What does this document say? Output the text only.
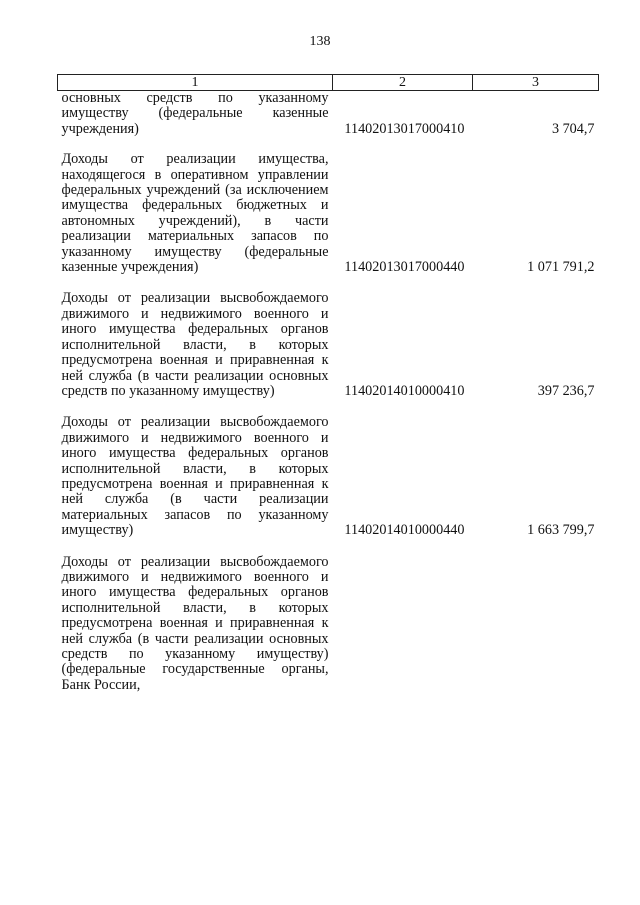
138
1	2	3
основных средств по указанному имуществу (федеральные казенные учреждения)	11402013017000410	3 704,7
Доходы от реализации имущества, находящегося в оперативном управлении федеральных учреждений (за исключением имущества федеральных бюджетных и автономных учреждений), в части реализации материальных запасов по указанному имуществу (федеральные казенные учреждения)	11402013017000440	1 071 791,2
Доходы от реализации высвобождаемого движимого и недвижимого военного и иного имущества федеральных органов исполнительной власти, в которых предусмотрена военная и приравненная к ней служба (в части реализации основных средств по указанному имуществу)	11402014010000410	397 236,7
Доходы от реализации высвобождаемого движимого и недвижимого военного и иного имущества федеральных органов исполнительной власти, в которых предусмотрена военная и приравненная к ней служба (в части реализации материальных запасов по указанному имуществу)	11402014010000440	1 663 799,7
Доходы от реализации высвобождаемого движимого и недвижимого военного и иного имущества федеральных органов исполнительной власти, в которых предусмотрена военная и приравненная к ней служба (в части реализации основных средств по указанному имуществу) (федеральные государственные органы, Банк России,		
